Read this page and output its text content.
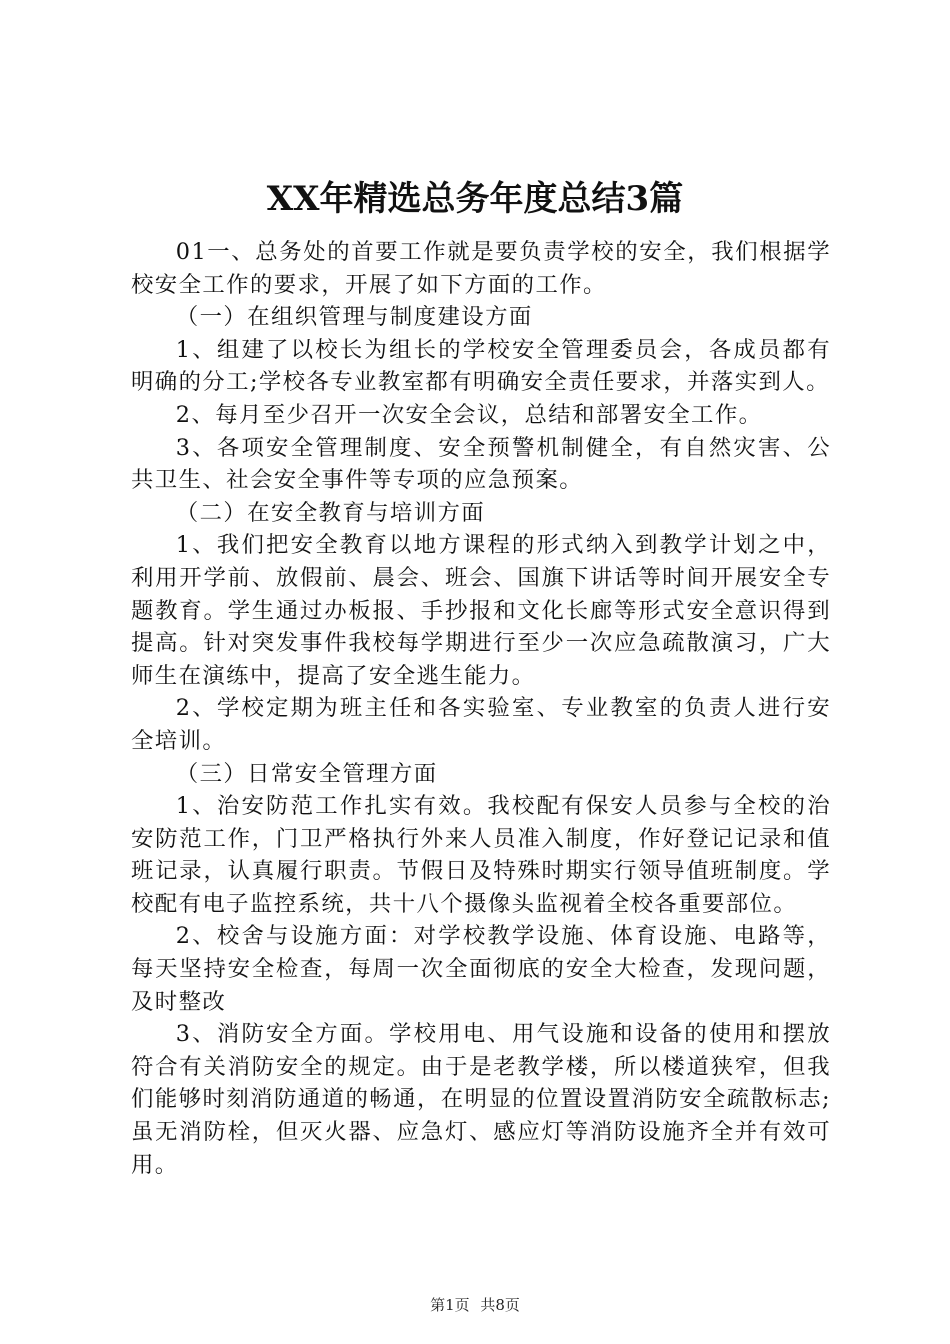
XX年精选总务年度总结3篇

01一、总务处的首要工作就是要负责学校的安全，我们根据学校安全工作的要求，开展了如下方面的工作。

（一）在组织管理与制度建设方面

1、组建了以校长为组长的学校安全管理委员会，各成员都有明确的分工;学校各专业教室都有明确安全责任要求，并落实到人。

2、每月至少召开一次安全会议，总结和部署安全工作。

3、各项安全管理制度、安全预警机制健全，有自然灾害、公共卫生、社会安全事件等专项的应急预案。

（二）在安全教育与培训方面

1、我们把安全教育以地方课程的形式纳入到教学计划之中，利用开学前、放假前、晨会、班会、国旗下讲话等时间开展安全专题教育。学生通过办板报、手抄报和文化长廊等形式安全意识得到提高。针对突发事件我校每学期进行至少一次应急疏散演习，广大师生在演练中，提高了安全逃生能力。

2、学校定期为班主任和各实验室、专业教室的负责人进行安全培训。

（三）日常安全管理方面

1、治安防范工作扎实有效。我校配有保安人员参与全校的治安防范工作，门卫严格执行外来人员准入制度，作好登记记录和值班记录，认真履行职责。节假日及特殊时期实行领导值班制度。学校配有电子监控系统，共十八个摄像头监视着全校各重要部位。

2、校舍与设施方面：对学校教学设施、体育设施、电路等，每天坚持安全检查，每周一次全面彻底的安全大检查，发现问题，及时整改

3、消防安全方面。学校用电、用气设施和设备的使用和摆放符合有关消防安全的规定。由于是老教学楼，所以楼道狭窄，但我们能够时刻消防通道的畅通，在明显的位置设置消防安全疏散标志;虽无消防栓，但灭火器、应急灯、感应灯等消防设施齐全并有效可用。

第1页 共8页
